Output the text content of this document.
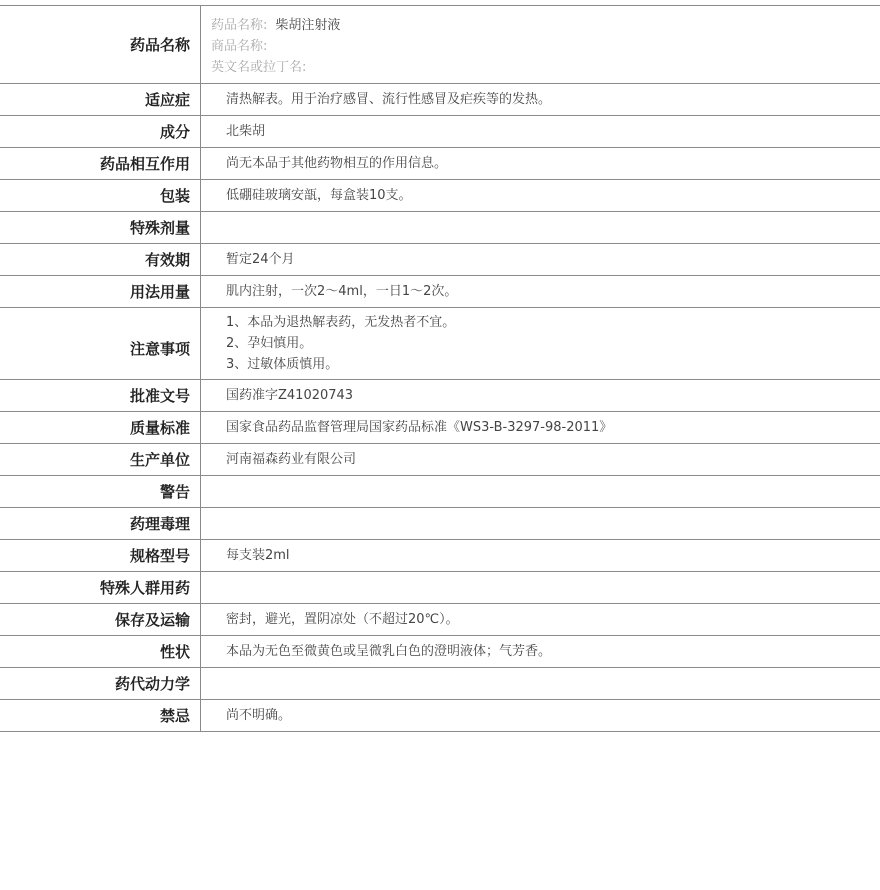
药品名称	药品名称: 柴胡注射液
商品名称:
英文名或拉丁名:

适应症	清热解表。用于治疗感冒、流行性感冒及疟疾等的发热。
成分	北柴胡
药品相互作用	尚无本品于其他药物相互的作用信息。
包装	低硼硅玻璃安瓿，每盒装10支。
特殊剂量	
有效期	暂定24个月
用法用量	肌内注射，一次2～4ml，一日1～2次。
注意事项	1、本品为退热解表药，无发热者不宜。
2、孕妇慎用。
3、过敏体质慎用。

批准文号	国药准字Z41020743
质量标准	国家食品药品监督管理局国家药品标准《WS3-B-3297-98-2011》
生产单位	河南福森药业有限公司
警告	
药理毒理	
规格型号	每支装2ml
特殊人群用药	
保存及运输	密封，避光，置阴凉处（不超过20℃）。
性状	本品为无色至微黄色或呈微乳白色的澄明液体；气芳香。
药代动力学	
禁忌	尚不明确。
